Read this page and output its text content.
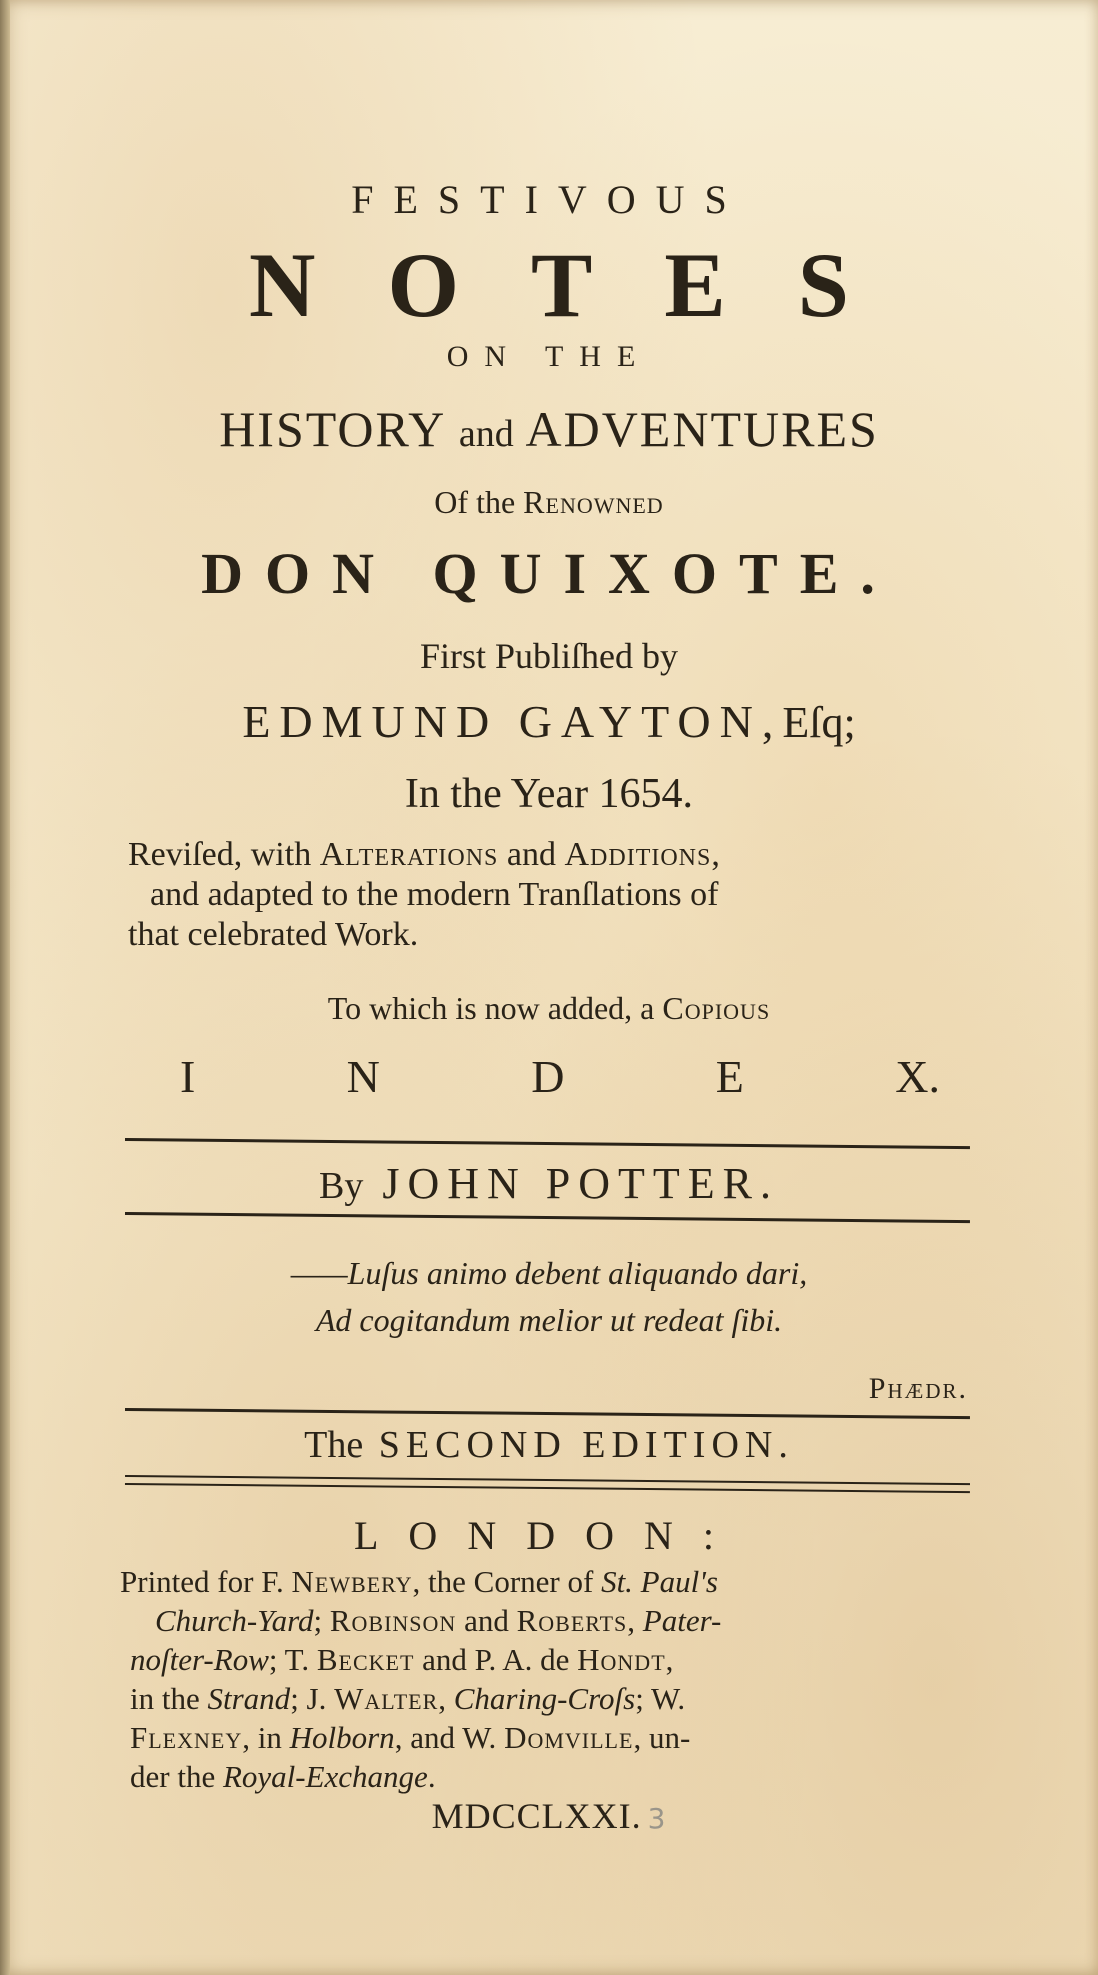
FESTIVOUS
NOTES
ON THE
HISTORY and ADVENTURES
Of the Renowned
DON QUIXOTE.
First Publiſhed by
EDMUND GAYTON,Eſq;
In the Year 1654.
Reviſed, with Alterations and Additions,
and adapted to the modern Tranſlations of
that celebrated Work.
To which is now added, a Copious
I	N	D	E	X.
By JOHN POTTER.
——Luſus animo debent aliquando dari,
Ad cogitandum melior ut redeat ſibi.
Phædr.
The SECOND EDITION.
LONDON:
Printed for F. Newbery, the Corner of St. Paul's
Church-Yard; Robinson and Roberts, Pater-
noſter-Row; T. Becket and P. A. de Hondt,
in the Strand; J. Walter, Charing-Croſs; W.
Flexney, in Holborn, and W. Domville, un-
der the Royal-Exchange.
MDCCLXXI. 3
